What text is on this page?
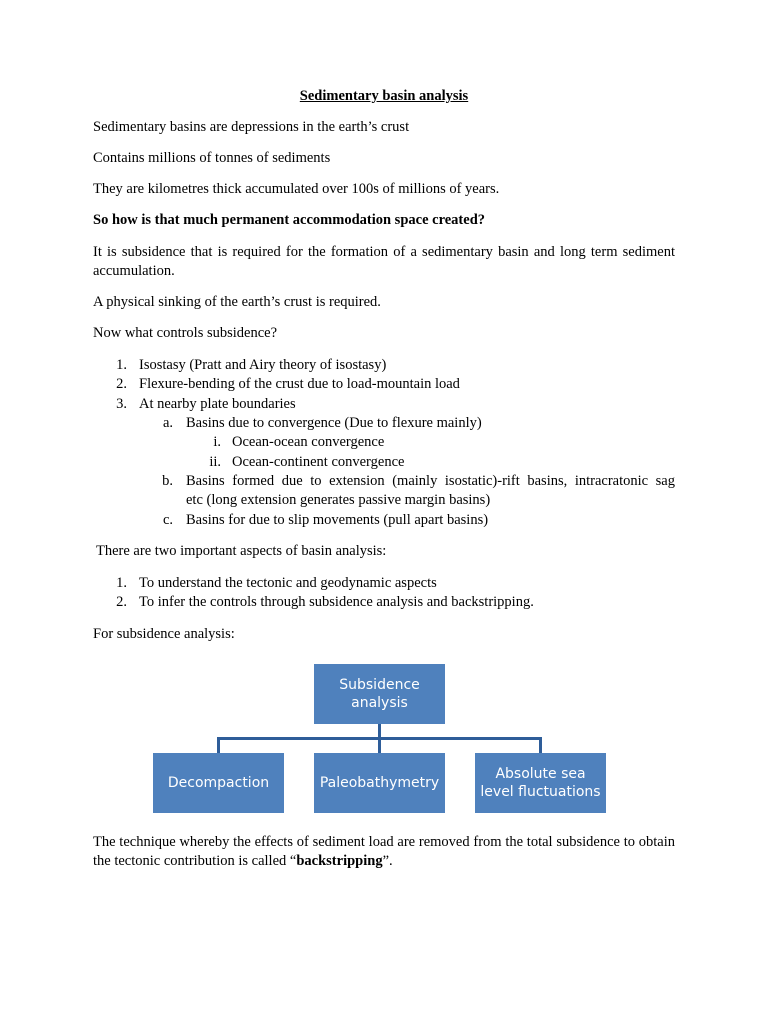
Sedimentary basin analysis

Sedimentary basins are depressions in the earth’s crust

Contains millions of tonnes of sediments

They are kilometres thick accumulated over 100s of millions of years.

So how is that much permanent accommodation space created?

It is subsidence that is required for the formation of a sedimentary basin and long term sediment accumulation.

A physical sinking of the earth’s crust is required.

Now what controls subsidence?

1. Isostasy (Pratt and Airy theory of isostasy)
2. Flexure-bending of the crust due to load-mountain load
3. At nearby plate boundaries
a. Basins due to convergence (Due to flexure mainly)
i. Ocean-ocean convergence
ii. Ocean-continent convergence
b. Basins formed due to extension (mainly isostatic)-rift basins, intracratonic sag
etc (long extension generates passive margin basins)
c. Basins for due to slip movements (pull apart basins)

There are two important aspects of basin analysis:

1. To understand the tectonic and geodynamic aspects
2. To infer the controls through subsidence analysis and backstripping.

For subsidence analysis:

The technique whereby the effects of sediment load are removed from the total subsidence to obtain the tectonic contribution is called “backstripping”.

Subsidence
analysis
Decompaction	Paleobathymetry
Absolute sea
level fluctuations
